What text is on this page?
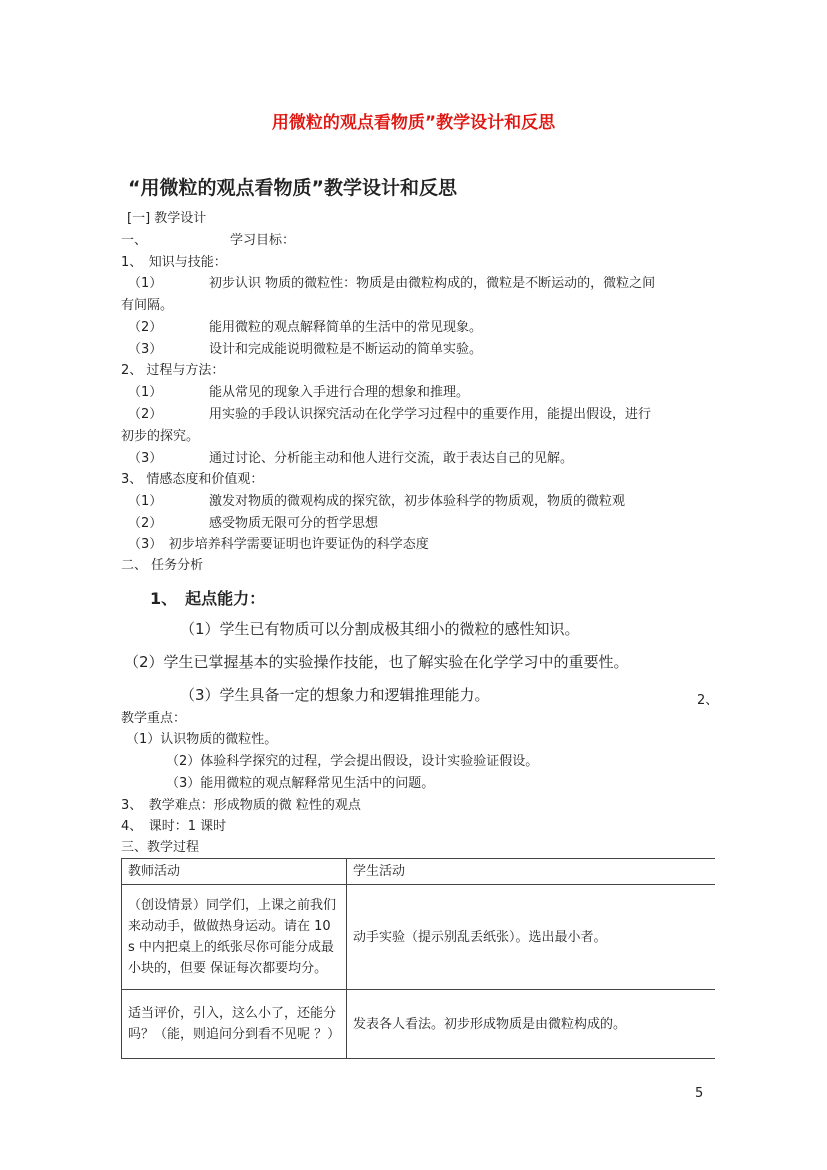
用微粒的观点看物质”教学设计和反思
“用微粒的观点看物质”教学设计和反思
[一] 教学设计
一、	学习目标：
1、　知识与技能：
（1）	初步认识 物质的微粒性：物质是由微粒构成的，微粒是不断运动的，微粒之间
有间隔。
（2）	能用微粒的观点解释简单的生活中的常见现象。
（3）	设计和完成能说明微粒是不断运动的简单实验。
2、 过程与方法：
（1）	能从常见的现象入手进行合理的想象和推理。
（2）	用实验的手段认识探究活动在化学学习过程中的重要作用，能提出假设，进行
初步的探究。
（3）	通过讨论、分析能主动和他人进行交流，敢于表达自己的见解。
3、 情感态度和价值观：
（1）	激发对物质的微观构成的探究欲，初步体验科学的物质观，物质的微粒观
（2）	感受物质无限可分的哲学思想
（3）　初步培养科学需要证明也许要证伪的科学态度
二、 任务分析
1、　起点能力：
（1）学生已有物质可以分割成极其细小的微粒的感性知识。
（2）学生已掌握基本的实验操作技能，也了解实验在化学学习中的重要性。
（3）学生具备一定的想象力和逻辑推理能力。	2、
教学重点：
（1）认识物质的微粒性。
（2）体验科学探究的过程，学会提出假设，设计实验验证假设。
（3）能用微粒的观点解释常见生活中的问题。
3、　教学难点：形成物质的微 粒性的观点
4、　课时：1 课时
三、教学过程
教师活动	学生活动
（创设情景）同学们，上课之前我们来动动手，做做热身运动。请在 10 s 中内把桌上的纸张尽你可能分成最小块的，但要 保证每次都要均分。	动手实验（提示别乱丢纸张）。选出最小者。
适当评价，引入，这么小了，还能分吗？（能，则追问分到看不见呢 ？）	发表各人看法。初步形成物质是由微粒构成的。
5
